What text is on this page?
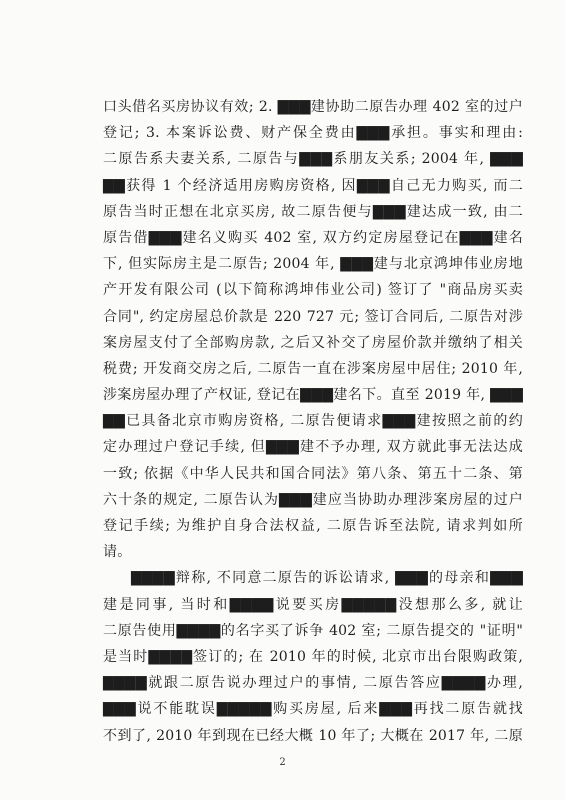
口头借名买房协议有效; 2. ▇▇▇建协助二原告办理 402 室的过户
登记; 3. 本案诉讼费、财产保全费由▇▇▇承担。事实和理由:
二原告系夫妻关系, 二原告与▇▇▇系朋友关系; 2004 年, ▇▇▇
▇▇获得 1 个经济适用房购房资格, 因▇▇▇自己无力购买, 而二
原告当时正想在北京买房, 故二原告便与▇▇▇建达成一致, 由二
原告借▇▇▇建名义购买 402 室, 双方约定房屋登记在▇▇▇建名
下, 但实际房主是二原告; 2004 年, ▇▇▇建与北京鸿坤伟业房地
产开发有限公司 (以下简称鸿坤伟业公司) 签订了 "商品房买卖
合同", 约定房屋总价款是 220 727 元; 签订合同后, 二原告对涉
案房屋支付了全部购房款, 之后又补交了房屋价款并缴纳了相关
税费; 开发商交房之后, 二原告一直在涉案房屋中居住; 2010 年,
涉案房屋办理了产权证, 登记在▇▇▇建名下。直至 2019 年, ▇▇▇
▇▇已具备北京市购房资格, 二原告便请求▇▇▇建按照之前的约
定办理过户登记手续, 但▇▇▇建不予办理, 双方就此事无法达成
一致; 依据《中华人民共和国合同法》第八条、第五十二条、第
六十条的规定, 二原告认为▇▇▇建应当协助办理涉案房屋的过户
登记手续; 为维护自身合法权益, 二原告诉至法院, 请求判如所
请。
▇▇▇▇辩称, 不同意二原告的诉讼请求, ▇▇▇的母亲和▇▇▇
建是同事, 当时和▇▇▇▇说要买房▇▇▇▇▇没想那么多, 就让
二原告使用▇▇▇▇的名字买了诉争 402 室; 二原告提交的 "证明"
是当时▇▇▇▇签订的; 在 2010 年的时候, 北京市出台限购政策,
▇▇▇▇就跟二原告说办理过户的事情, 二原告答应▇▇▇▇办理,
▇▇▇说不能耽误▇▇▇▇▇购买房屋, 后来▇▇▇再找二原告就找
不到了, 2010 年到现在已经大概 10 年了; 大概在 2017 年, 二原
2
